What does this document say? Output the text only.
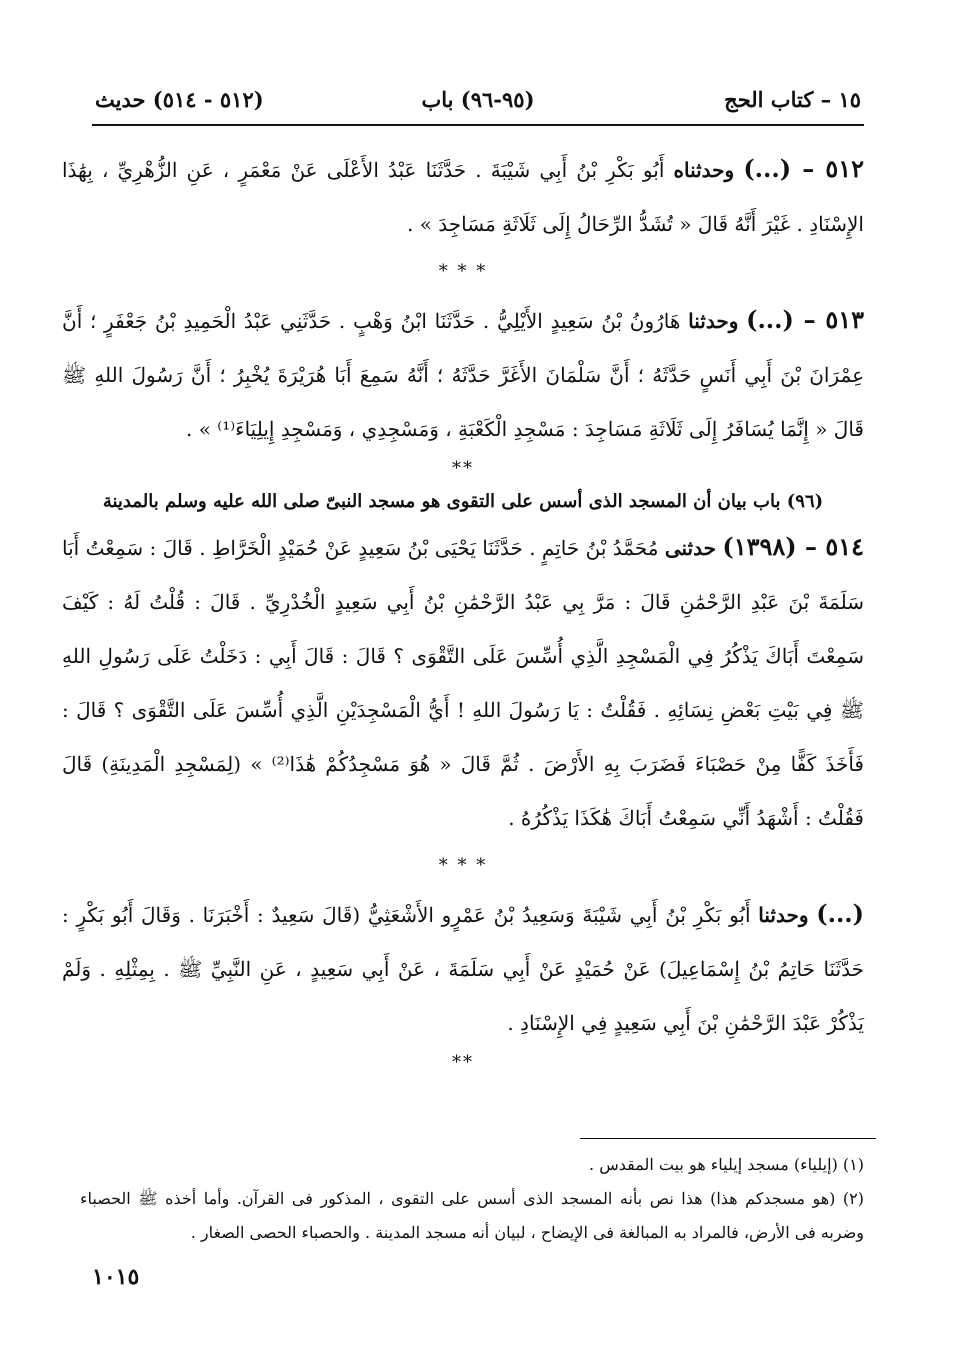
١٥ – كتاب الحج
(٩٥-٩٦) باب
(٥١٢ - ٥١٤) حديث

٥١٢ – (...) وحدثناه أَبُو بَكْرِ بْنُ أَبِي شَيْبَةَ . حَدَّثَنَا عَبْدُ الأَعْلَى عَنْ مَعْمَرٍ ، عَنِ الزُّهْرِيِّ ، بِهَٰذَا الإِسْنَادِ . غَيْرَ أَنَّهُ قَالَ « تُشَدُّ الرِّحَالُ إِلَى ثَلَاثَةِ مَسَاجِدَ » .

* * *

٥١٣ – (...) وحدثنا هَارُونُ بْنُ سَعِيدٍ الأَيْلِيُّ . حَدَّثَنَا ابْنُ وَهْبٍ . حَدَّثَنِي عَبْدُ الْحَمِيدِ بْنُ جَعْفَرٍ ؛ أَنَّ عِمْرَانَ بْنَ أَبِي أَنَسٍ حَدَّثَهُ ؛ أَنَّ سَلْمَانَ الأَغَرَّ حَدَّثَهُ ؛ أَنَّهُ سَمِعَ أَبَا هُرَيْرَةَ يُخْبِرُ ؛ أَنَّ رَسُولَ اللهِ ﷺ قَالَ « إِنَّمَا يُسَافَرُ إِلَى ثَلَاثَةِ مَسَاجِدَ : مَسْجِدِ الْكَعْبَةِ ، وَمَسْجِدِي ، وَمَسْجِدِ إِيلِيَاءَ⁽¹⁾ » .

**
(٩٦) باب بيان أن المسجد الذى أسس على التقوى هو مسجد النبىّ صلى الله عليه وسلم بالمدينة

٥١٤ – (١٣٩٨) حدثنى مُحَمَّدُ بْنُ حَاتِمٍ . حَدَّثَنَا يَحْيَى بْنُ سَعِيدٍ عَنْ حُمَيْدٍ الْخَرَّاطِ . قَالَ : سَمِعْتُ أَبَا سَلَمَةَ بْنَ عَبْدِ الرَّحْمَٰنِ قَالَ : مَرَّ بِي عَبْدُ الرَّحْمَٰنِ بْنُ أَبِي سَعِيدٍ الْخُدْرِيِّ . قَالَ : قُلْتُ لَهُ : كَيْفَ سَمِعْتَ أَبَاكَ يَذْكُرُ فِي الْمَسْجِدِ الَّذِي أُسِّسَ عَلَى التَّقْوَى ؟ قَالَ : قَالَ أَبِي : دَخَلْتُ عَلَى رَسُولِ اللهِ ﷺ فِي بَيْتِ بَعْضِ نِسَائِهِ . فَقُلْتُ : يَا رَسُولَ اللهِ ! أَيُّ الْمَسْجِدَيْنِ الَّذِي أُسِّسَ عَلَى التَّقْوَى ؟ قَالَ : فَأَخَذَ كَفًّا مِنْ حَصْبَاءَ فَضَرَبَ بِهِ الأَرْضَ . ثُمَّ قَالَ « هُوَ مَسْجِدُكُمْ هَٰذَا⁽²⁾ » (لِمَسْجِدِ الْمَدِينَةِ) قَالَ فَقُلْتُ : أَشْهَدُ أَنِّي سَمِعْتُ أَبَاكَ هَٰكَذَا يَذْكُرُهُ .

* * *

(...) وحدثنا أَبُو بَكْرِ بْنُ أَبِي شَيْبَةَ وَسَعِيدُ بْنُ عَمْرٍو الأَشْعَثِيُّ (قَالَ سَعِيدٌ : أَخْبَرَنَا . وَقَالَ أَبُو بَكْرٍ : حَدَّثَنَا حَاتِمُ بْنُ إِسْمَاعِيلَ) عَنْ حُمَيْدٍ عَنْ أَبِي سَلَمَةَ ، عَنْ أَبِي سَعِيدٍ ، عَنِ النَّبِيِّ ﷺ . بِمِثْلِهِ . وَلَمْ يَذْكُرْ عَبْدَ الرَّحْمَٰنِ بْنَ أَبِي سَعِيدٍ فِي الإِسْنَادِ .

**

(١) (إيلياء) مسجد إيلياء هو بيت المقدس .

(٢) (هو مسجدكم هذا) هذا نص بأنه المسجد الذى أسس على التقوى ، المذكور فى القرآن. وأما أخذه ﷺ الحصباء وضربه فى الأرض، فالمراد به المبالغة فى الإيضاح ، لبيان أنه مسجد المدينة . والحصباء الحصى الصغار .

١٠١٥
